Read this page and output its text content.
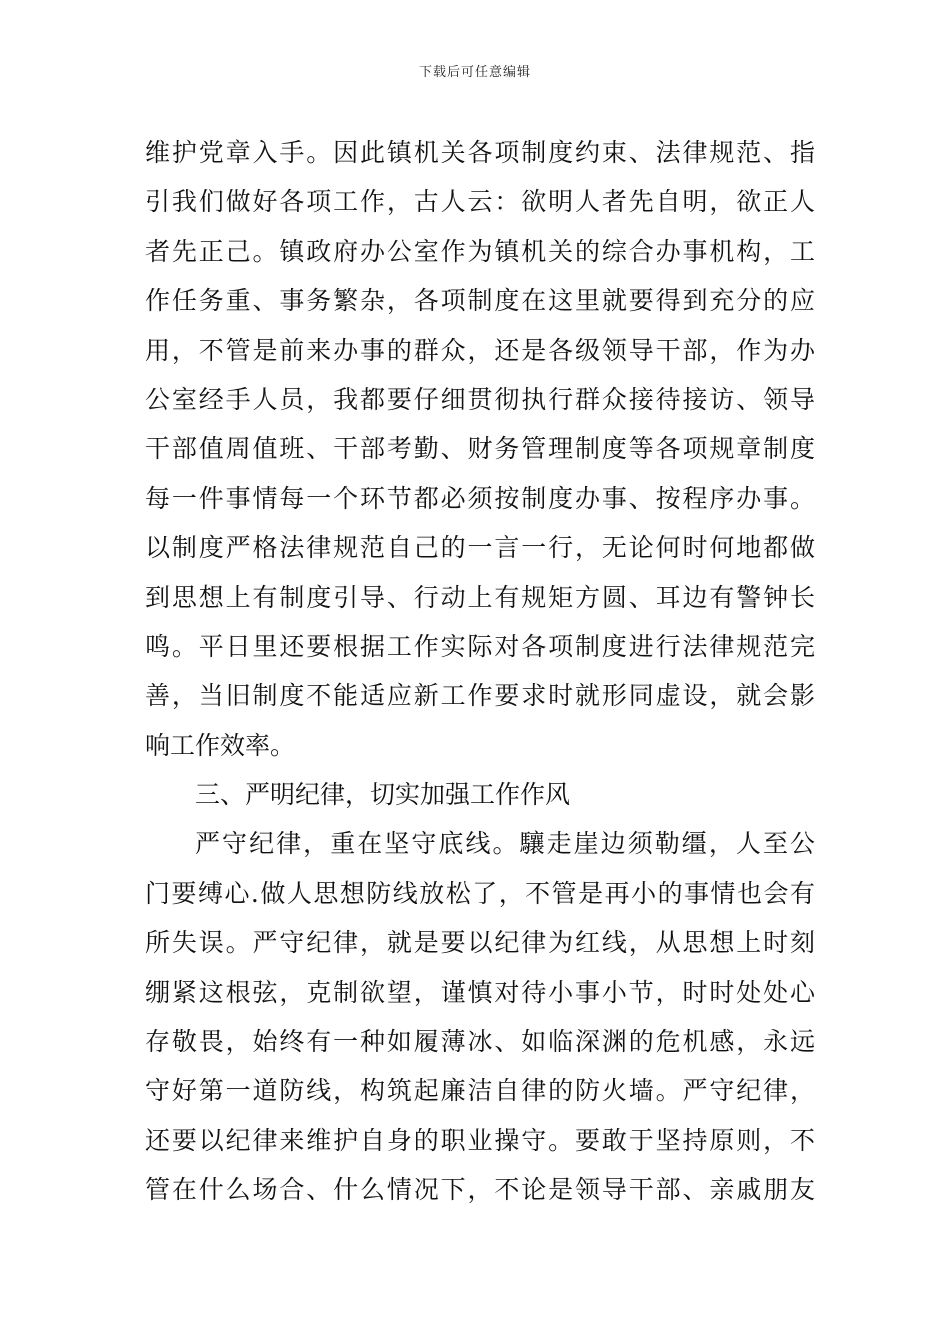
下载后可任意编辑
维护党章入手。因此镇机关各项制度约束、法律规范、指
引我们做好各项工作，古人云：欲明人者先自明，欲正人
者先正己。镇政府办公室作为镇机关的综合办事机构，工
作任务重、事务繁杂，各项制度在这里就要得到充分的应
用，不管是前来办事的群众，还是各级领导干部，作为办
公室经手人员，我都要仔细贯彻执行群众接待接访、领导
干部值周值班、干部考勤、财务管理制度等各项规章制度
每一件事情每一个环节都必须按制度办事、按程序办事。
以制度严格法律规范自己的一言一行，无论何时何地都做
到思想上有制度引导、行动上有规矩方圆、耳边有警钟长
鸣。平日里还要根据工作实际对各项制度进行法律规范完
善，当旧制度不能适应新工作要求时就形同虚设，就会影
响工作效率。
三、严明纪律，切实加强工作作风
严守纪律，重在坚守底线。驤走崖边须勒缰，人至公
门要缚心.做人思想防线放松了，不管是再小的事情也会有
所失误。严守纪律，就是要以纪律为红线，从思想上时刻
绷紧这根弦，克制欲望，谨慎对待小事小节，时时处处心
存敬畏，始终有一种如履薄冰、如临深渊的危机感，永远
守好第一道防线，构筑起廉洁自律的防火墙。严守纪律，
还要以纪律来维护自身的职业操守。要敢于坚持原则，不
管在什么场合、什么情况下，不论是领导干部、亲戚朋友
